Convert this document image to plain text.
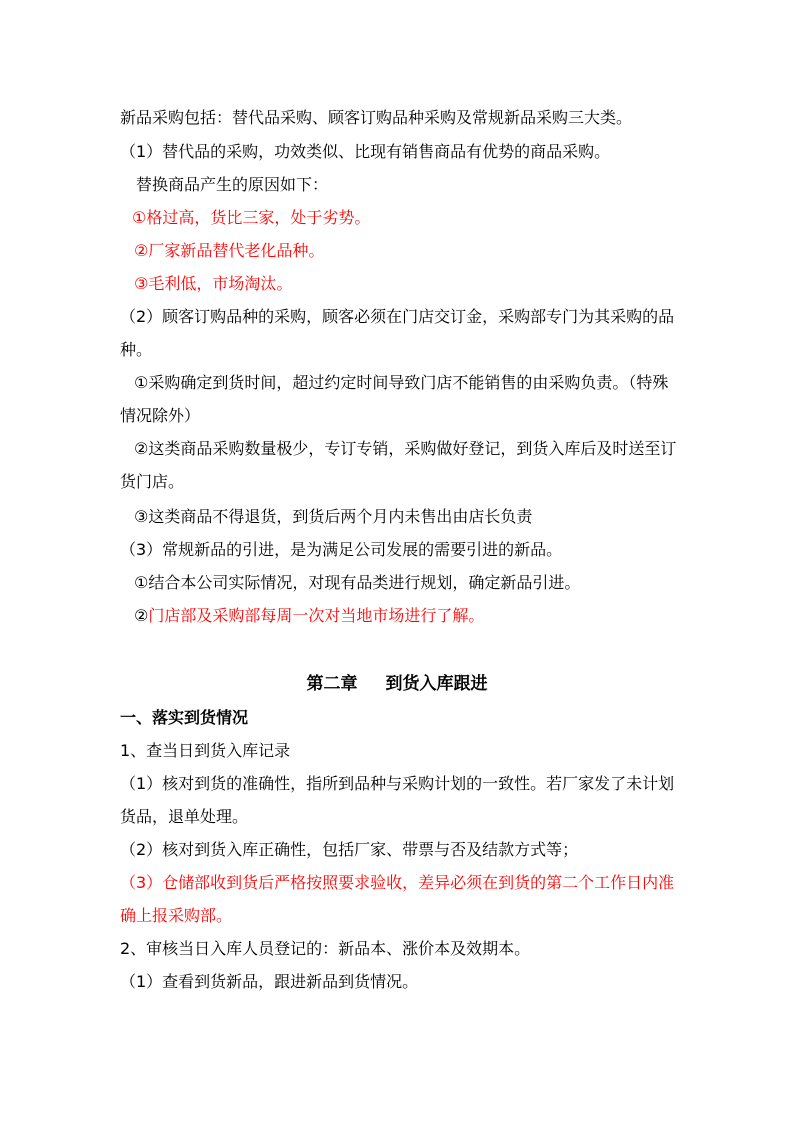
新品采购包括：替代品采购、顾客订购品种采购及常规新品采购三大类。
（1）替代品的采购，功效类似、比现有销售商品有优势的商品采购。
替换商品产生的原因如下：
①格过高，货比三家，处于劣势。
②厂家新品替代老化品种。
③毛利低，市场淘汰。
（2）顾客订购品种的采购，顾客必须在门店交订金，采购部专门为其采购的品
种。
①采购确定到货时间，超过约定时间导致门店不能销售的由采购负责。（特殊
情况除外）
②这类商品采购数量极少，专订专销，采购做好登记，到货入库后及时送至订
货门店。
③这类商品不得退货，到货后两个月内未售出由店长负责
（3）常规新品的引进，是为满足公司发展的需要引进的新品。
①结合本公司实际情况，对现有品类进行规划，确定新品引进。
②门店部及采购部每周一次对当地市场进行了解。
第二章 到货入库跟进
一、落实到货情况
1、查当日到货入库记录
（1）核对到货的准确性，指所到品种与采购计划的一致性。若厂家发了未计划
货品，退单处理。
（2）核对到货入库正确性，包括厂家、带票与否及结款方式等；
（3）仓储部收到货后严格按照要求验收，差异必须在到货的第二个工作日内准
确上报采购部。
2、审核当日入库人员登记的：新品本、涨价本及效期本。
（1）查看到货新品，跟进新品到货情况。
